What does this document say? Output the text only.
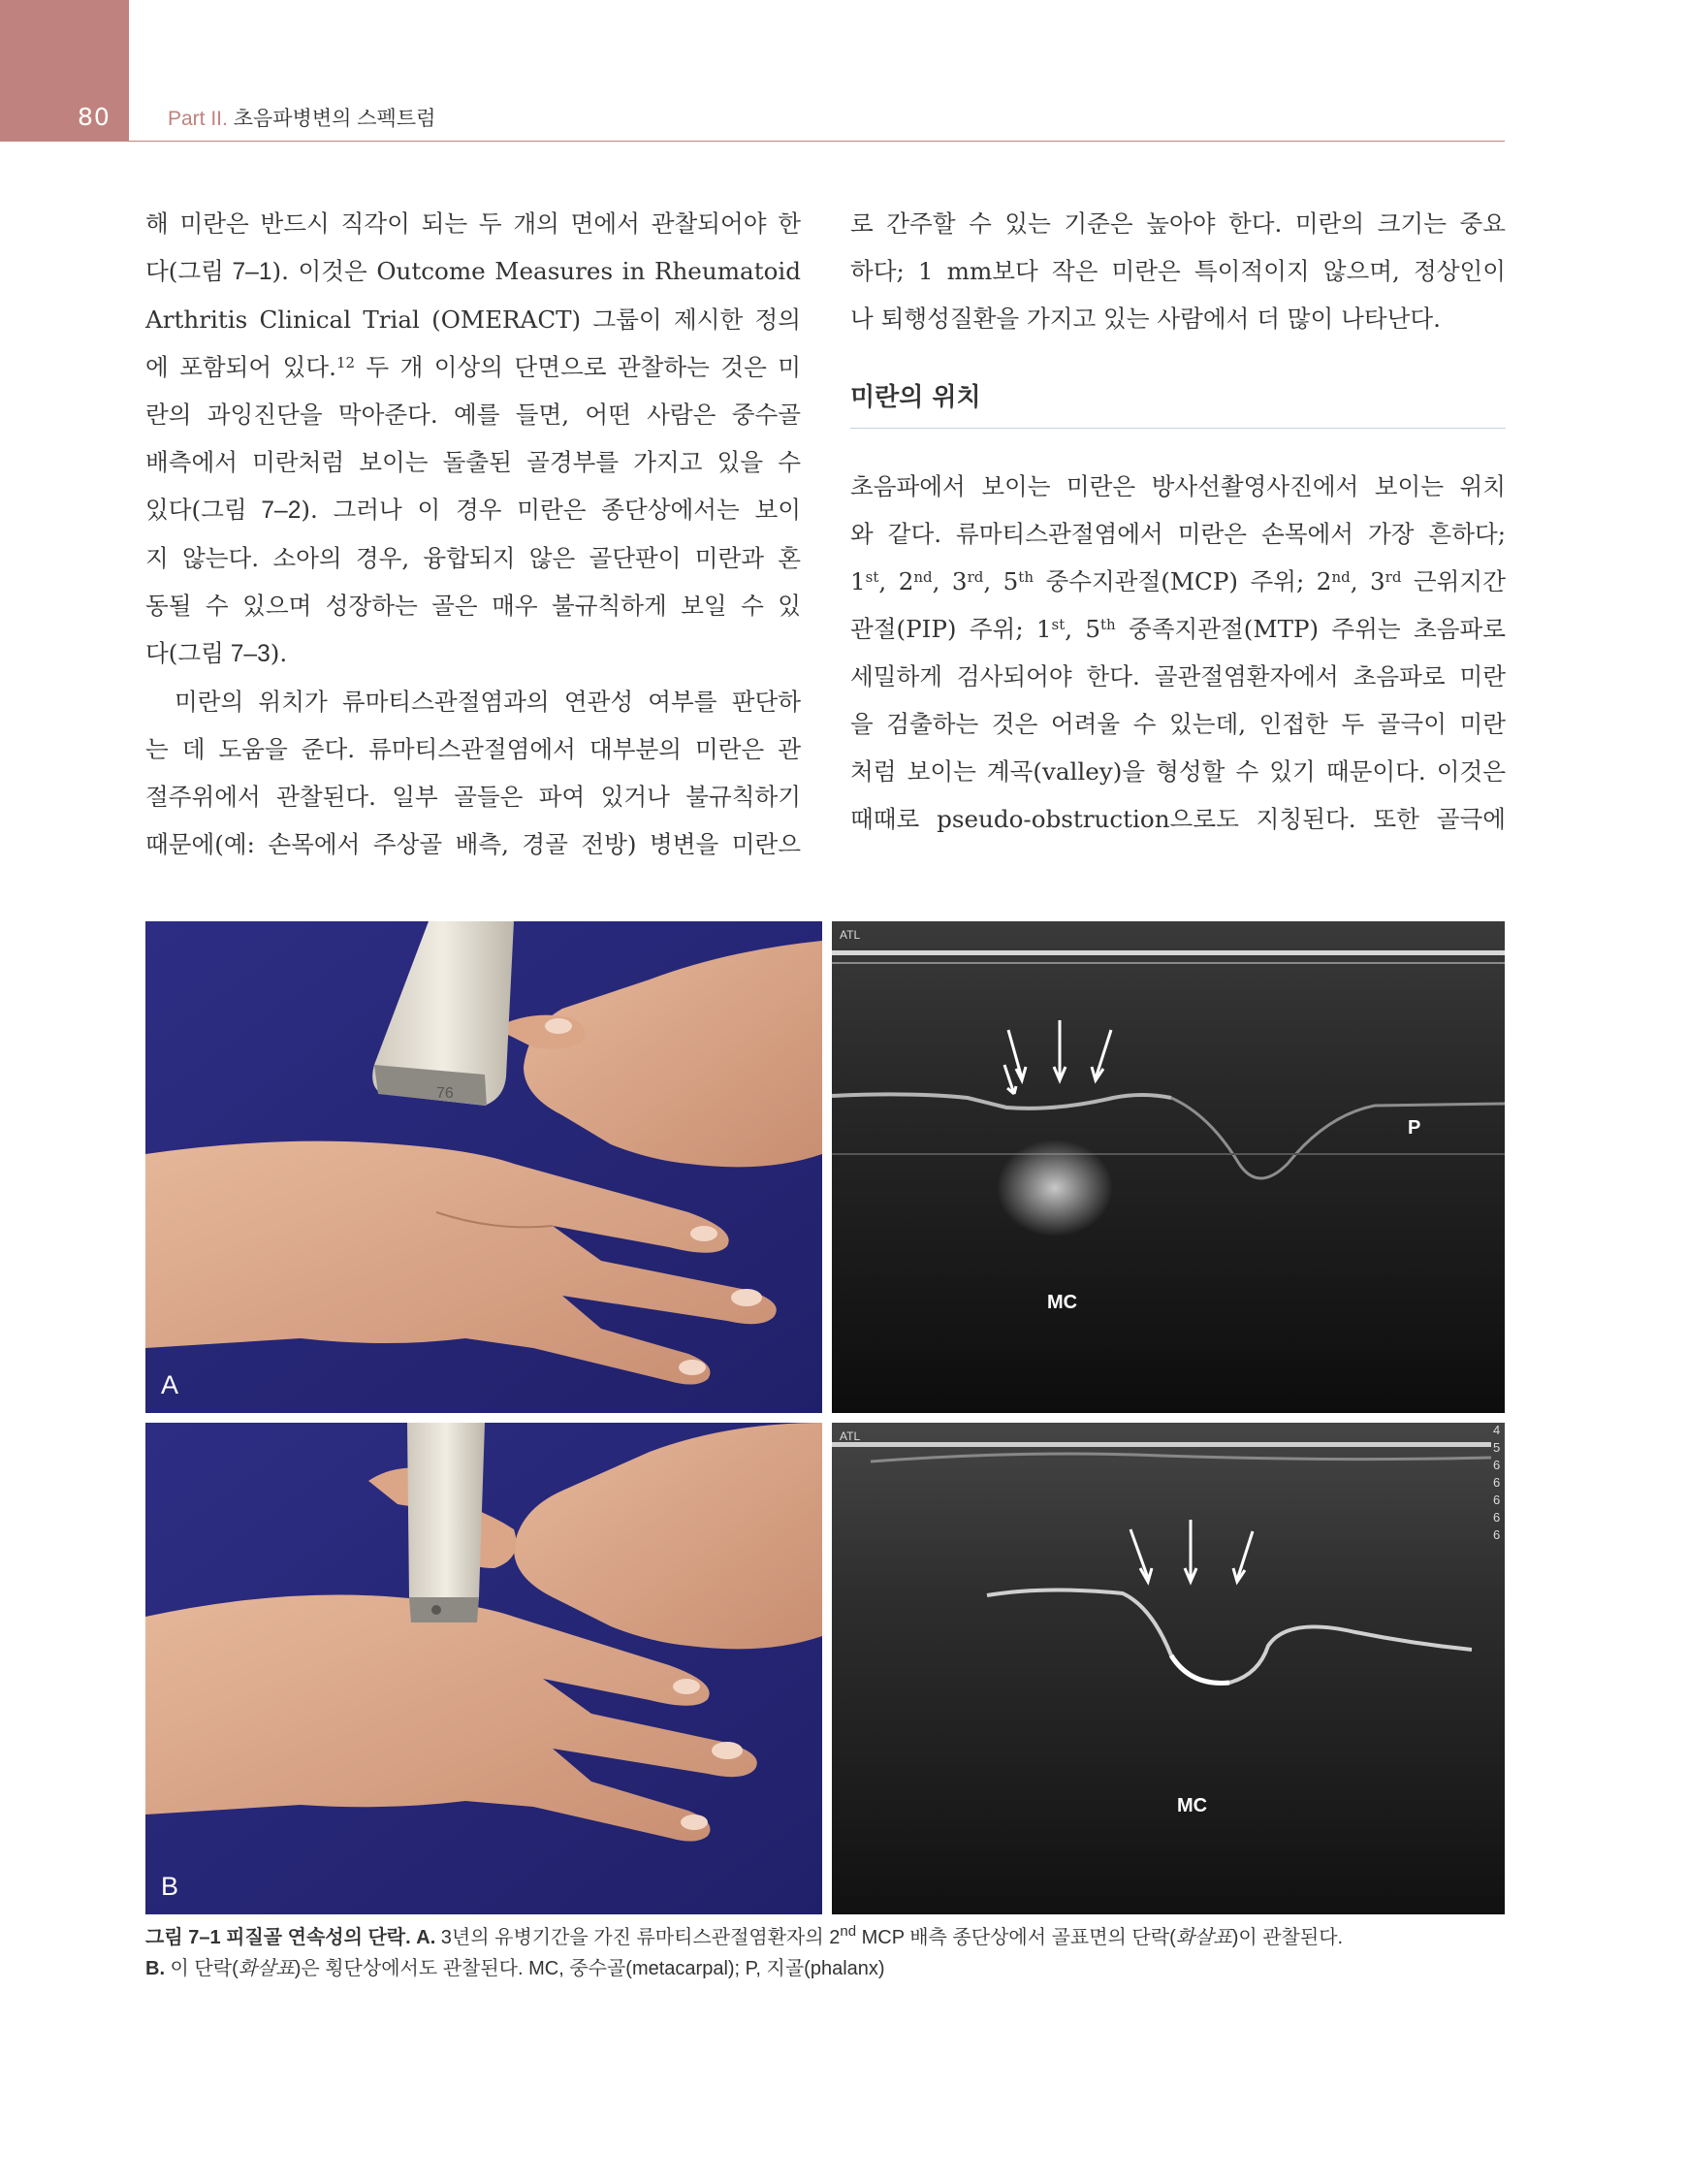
80	Part II. 초음파병변의 스펙트럼

해 미란은 반드시 직각이 되는 두 개의 면에서 관찰되어야 한

다(그림 7–1). 이것은 Outcome Measures in Rheumatoid

Arthritis Clinical Trial (OMERACT) 그룹이 제시한 정의

에 포함되어 있다.$^{12}$ 두 개 이상의 단면으로 관찰하는 것은 미

란의 과잉진단을 막아준다. 예를 들면, 어떤 사람은 중수골

배측에서 미란처럼 보이는 돌출된 골경부를 가지고 있을 수

있다(그림 7–2). 그러나 이 경우 미란은 종단상에서는 보이

지 않는다. 소아의 경우, 융합되지 않은 골단판이 미란과 혼

동될 수 있으며 성장하는 골은 매우 불규칙하게 보일 수 있

다(그림 7–3).

미란의 위치가 류마티스관절염과의 연관성 여부를 판단하

는 데 도움을 준다. 류마티스관절염에서 대부분의 미란은 관

절주위에서 관찰된다. 일부 골들은 파여 있거나 불규칙하기

때문에(예: 손목에서 주상골 배측, 경골 전방) 병변을 미란으

로 간주할 수 있는 기준은 높아야 한다. 미란의 크기는 중요

하다; 1 mm보다 작은 미란은 특이적이지 않으며, 정상인이

나 퇴행성질환을 가지고 있는 사람에서 더 많이 나타난다.

미란의 위치

초음파에서 보이는 미란은 방사선촬영사진에서 보이는 위치

와 같다. 류마티스관절염에서 미란은 손목에서 가장 흔하다;

1st, 2nd, 3rd, 5th 중수지관절(MCP) 주위; 2nd, 3rd 근위지간

관절(PIP) 주위; 1st, 5th 중족지관절(MTP) 주위는 초음파로

세밀하게 검사되어야 한다. 골관절염환자에서 초음파로 미란

을 검출하는 것은 어려울 수 있는데, 인접한 두 골극이 미란

처럼 보이는 계곡(valley)을 형성할 수 있기 때문이다. 이것은

때때로 pseudo-obstruction으로도 지칭된다. 또한 골극에

76
A
ATL
P
MC
B
ATL	4
5
6
6
6
6
6
MC
그림 7–1 피질골 연속성의 단락. A. 3년의 유병기간을 가진 류마티스관절염환자의 2nd MCP 배측 종단상에서 골표면의 단락(화살표)이 관찰된다.
B. 이 단락(화살표)은 횡단상에서도 관찰된다. MC, 중수골(metacarpal); P, 지골(phalanx)
